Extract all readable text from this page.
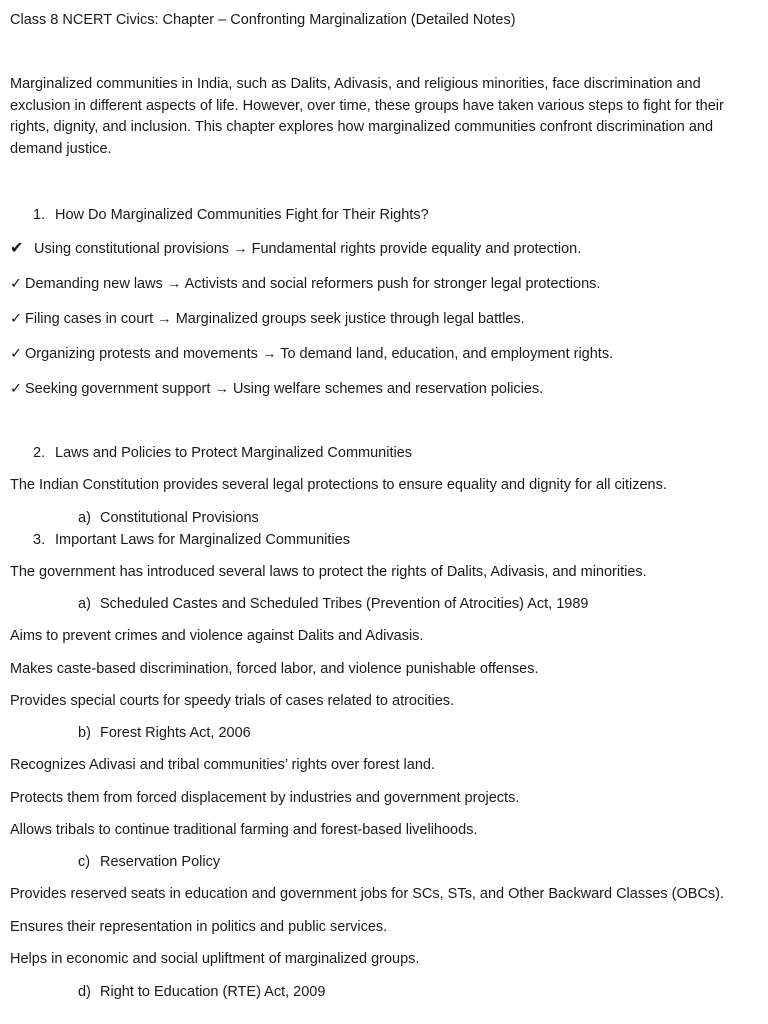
Class 8 NCERT Civics: Chapter – Confronting Marginalization (Detailed Notes)
Marginalized communities in India, such as Dalits, Adivasis, and religious minorities, face discrimination and exclusion in different aspects of life. However, over time, these groups have taken various steps to fight for their rights, dignity, and inclusion. This chapter explores how marginalized communities confront discrimination and demand justice.
1. How Do Marginalized Communities Fight for Their Rights?
✔ Using constitutional provisions → Fundamental rights provide equality and protection.
✓ Demanding new laws → Activists and social reformers push for stronger legal protections.
✓ Filing cases in court → Marginalized groups seek justice through legal battles.
✓ Organizing protests and movements → To demand land, education, and employment rights.
✓ Seeking government support → Using welfare schemes and reservation policies.
2. Laws and Policies to Protect Marginalized Communities
The Indian Constitution provides several legal protections to ensure equality and dignity for all citizens.
a) Constitutional Provisions
3. Important Laws for Marginalized Communities
The government has introduced several laws to protect the rights of Dalits, Adivasis, and minorities.
a) Scheduled Castes and Scheduled Tribes (Prevention of Atrocities) Act, 1989
Aims to prevent crimes and violence against Dalits and Adivasis.
Makes caste-based discrimination, forced labor, and violence punishable offenses.
Provides special courts for speedy trials of cases related to atrocities.
b) Forest Rights Act, 2006
Recognizes Adivasi and tribal communities’ rights over forest land.
Protects them from forced displacement by industries and government projects.
Allows tribals to continue traditional farming and forest-based livelihoods.
c) Reservation Policy
Provides reserved seats in education and government jobs for SCs, STs, and Other Backward Classes (OBCs).
Ensures their representation in politics and public services.
Helps in economic and social upliftment of marginalized groups.
d) Right to Education (RTE) Act, 2009
